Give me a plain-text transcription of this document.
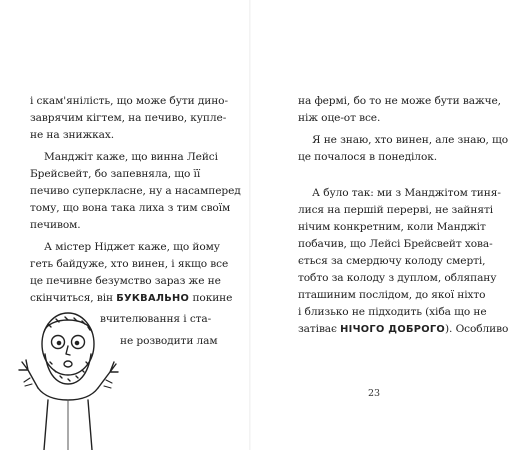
і скам'янілість, що може бути дино-

заврячим кігтем, на печиво, купле-

не на знижках.

Манджіт каже, що винна Лейсі

Брейсвейт, бо запевняла, що її

печиво суперкласне, ну а насамперед

тому, що вона така лиха з тим своїм

печивом.

А містер Ніджет каже, що йому

геть байдуже, хто винен, і якщо все

це печивне безумство зараз же не

скінчиться, він БУКВАЛЬНО покине

вчителювання і ста-

не розводити лам

на фермі, бо то не може бути важче,

ніж оце-от все.

Я не знаю, хто винен, але знаю, що

це почалося в понеділок.

А було так: ми з Манджітом тиня-

лися на першій перерві, не зайняті

нічим конкретним, коли Манджіт

побачив, що Лейсі Брейсвейт хова-

ється за смердючу колоду смерті,

тобто за колоду з дуплом, обляпану

пташиним послідом, до якої ніхто

і близько не підходить (хіба що не

затіває НІЧОГО ДОБРОГО). Особливо

23
